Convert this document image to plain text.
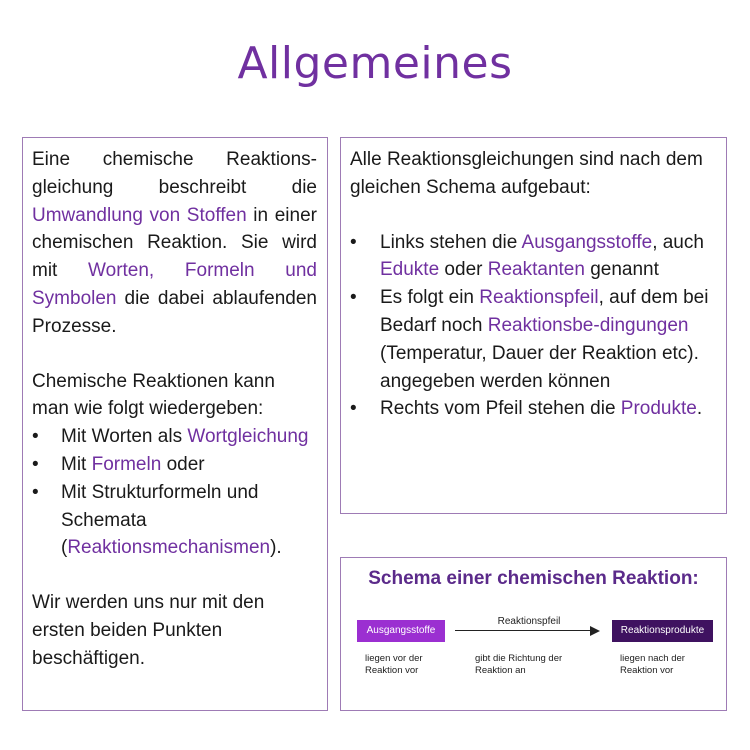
Allgemeines
Eine chemische Reaktions-gleichung beschreibt die Umwandlung von Stoffen in einer chemischen Reaktion. Sie wird mit Worten, Formeln und Symbolen die dabei ablaufenden Prozesse.
Chemische Reaktionen kann man wie folgt wiedergeben:
• Mit Worten als Wortgleichung
• Mit Formeln oder
• Mit Strukturformeln und Schemata (Reaktionsmechanismen).
Wir werden uns nur mit den ersten beiden Punkten beschäftigen.
Alle Reaktionsgleichungen sind nach dem gleichen Schema aufgebaut:
• Links stehen die Ausgangsstoffe, auch Edukte oder Reaktanten genannt
• Es folgt ein Reaktionspfeil, auf dem bei Bedarf noch Reaktionsbe-dingungen (Temperatur, Dauer der Reaktion etc). angegeben werden können
• Rechts vom Pfeil stehen die Produkte.
Schema einer chemischen Reaktion:
Ausgangsstoffe
Reaktionspfeil
Reaktionsprodukte
liegen vor der Reaktion vor
gibt die Richtung der Reaktion an
liegen nach der Reaktion vor
